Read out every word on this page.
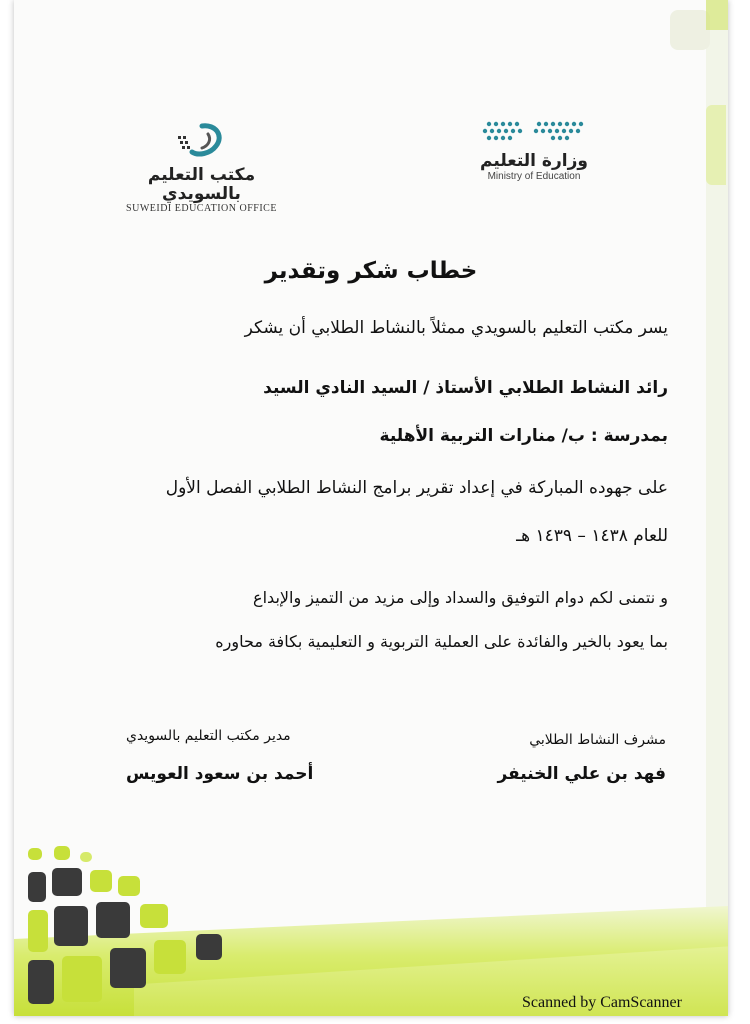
وزارة التعليم
Ministry of Education
مكتب التعليم بالسويدي
SUWEIDI EDUCATION OFFICE
خطاب شكر وتقدير
يسر مكتب التعليم بالسويدي ممثلاً بالنشاط الطلابي أن يشكر
رائد النشاط الطلابي الأستاذ / السيد النادي السيد
بمدرسة : ب/ منارات التربية الأهلية
على جهوده المباركة في إعداد تقرير برامج النشاط الطلابي الفصل الأول
للعام ١٤٣٨ – ١٤٣٩ هـ
و نتمنى لكم دوام التوفيق والسداد وإلى مزيد من التميز والإبداع
بما يعود بالخير والفائدة على العملية التربوية و التعليمية بكافة محاوره
مشرف النشاط الطلابي
فهد بن علي الخنيفر
مدير مكتب التعليم بالسويدي
أحمد بن سعود العويس
Scanned by CamScanner
